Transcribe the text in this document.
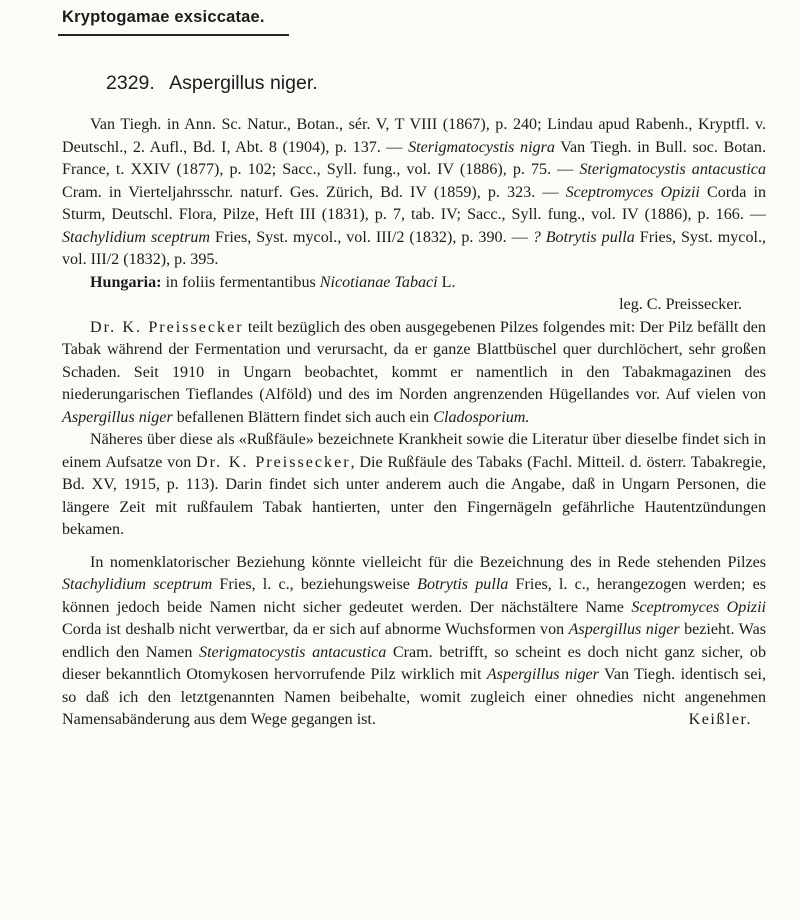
Kryptogamae exsiccatae.
2329. Aspergillus niger.

Van Tiegh. in Ann. Sc. Natur., Botan., sér. V, T VIII (1867), p. 240; Lindau apud Rabenh., Kryptfl. v. Deutschl., 2. Aufl., Bd. I, Abt. 8 (1904), p. 137. — Sterigmatocystis nigra Van Tiegh. in Bull. soc. Botan. France, t. XXIV (1877), p. 102; Sacc., Syll. fung., vol. IV (1886), p. 75. — Sterigmatocystis antacustica Cram. in Vierteljahrsschr. naturf. Ges. Zürich, Bd. IV (1859), p. 323. — Sceptromyces Opizii Corda in Sturm, Deutschl. Flora, Pilze, Heft III (1831), p. 7, tab. IV; Sacc., Syll. fung., vol. IV (1886), p. 166. — Stachylidium sceptrum Fries, Syst. mycol., vol. III/2 (1832), p. 390. — ? Botrytis pulla Fries, Syst. mycol., vol. III/2 (1832), p. 395.

Hungaria: in foliis fermentantibus Nicotianae Tabaci L.

leg. C. Preissecker.

Dr. K. Preissecker teilt bezüglich des oben ausgegebenen Pilzes folgendes mit: Der Pilz befällt den Tabak während der Fermentation und verursacht, da er ganze Blattbüschel quer durchlöchert, sehr großen Schaden. Seit 1910 in Ungarn beobachtet, kommt er namentlich in den Tabakmagazinen des niederungarischen Tieflandes (Alföld) und des im Norden angrenzenden Hügellandes vor. Auf vielen von Aspergillus niger befallenen Blättern findet sich auch ein Cladosporium.

Näheres über diese als «Rußfäule» bezeichnete Krankheit sowie die Literatur über dieselbe findet sich in einem Aufsatze von Dr. K. Preissecker, Die Rußfäule des Tabaks (Fachl. Mitteil. d. österr. Tabakregie, Bd. XV, 1915, p. 113). Darin findet sich unter anderem auch die Angabe, daß in Ungarn Personen, die längere Zeit mit rußfaulem Tabak hantierten, unter den Fingernägeln gefährliche Hautentzündungen bekamen.

In nomenklatorischer Beziehung könnte vielleicht für die Bezeichnung des in Rede stehenden Pilzes Stachylidium sceptrum Fries, l. c., beziehungsweise Botrytis pulla Fries, l. c., herangezogen werden; es können jedoch beide Namen nicht sicher gedeutet werden. Der nächstältere Name Sceptromyces Opizii Corda ist deshalb nicht verwertbar, da er sich auf abnorme Wuchsformen von Aspergillus niger bezieht. Was endlich den Namen Sterigmatocystis antacustica Cram. betrifft, so scheint es doch nicht ganz sicher, ob dieser bekanntlich Otomykosen hervorrufende Pilz wirklich mit Aspergillus niger Van Tiegh. identisch sei, so daß ich den letztgenannten Namen beibehalte, womit zugleich einer ohnedies nicht angenehmen Namensabänderung aus dem Wege gegangen ist.	Keißler.
